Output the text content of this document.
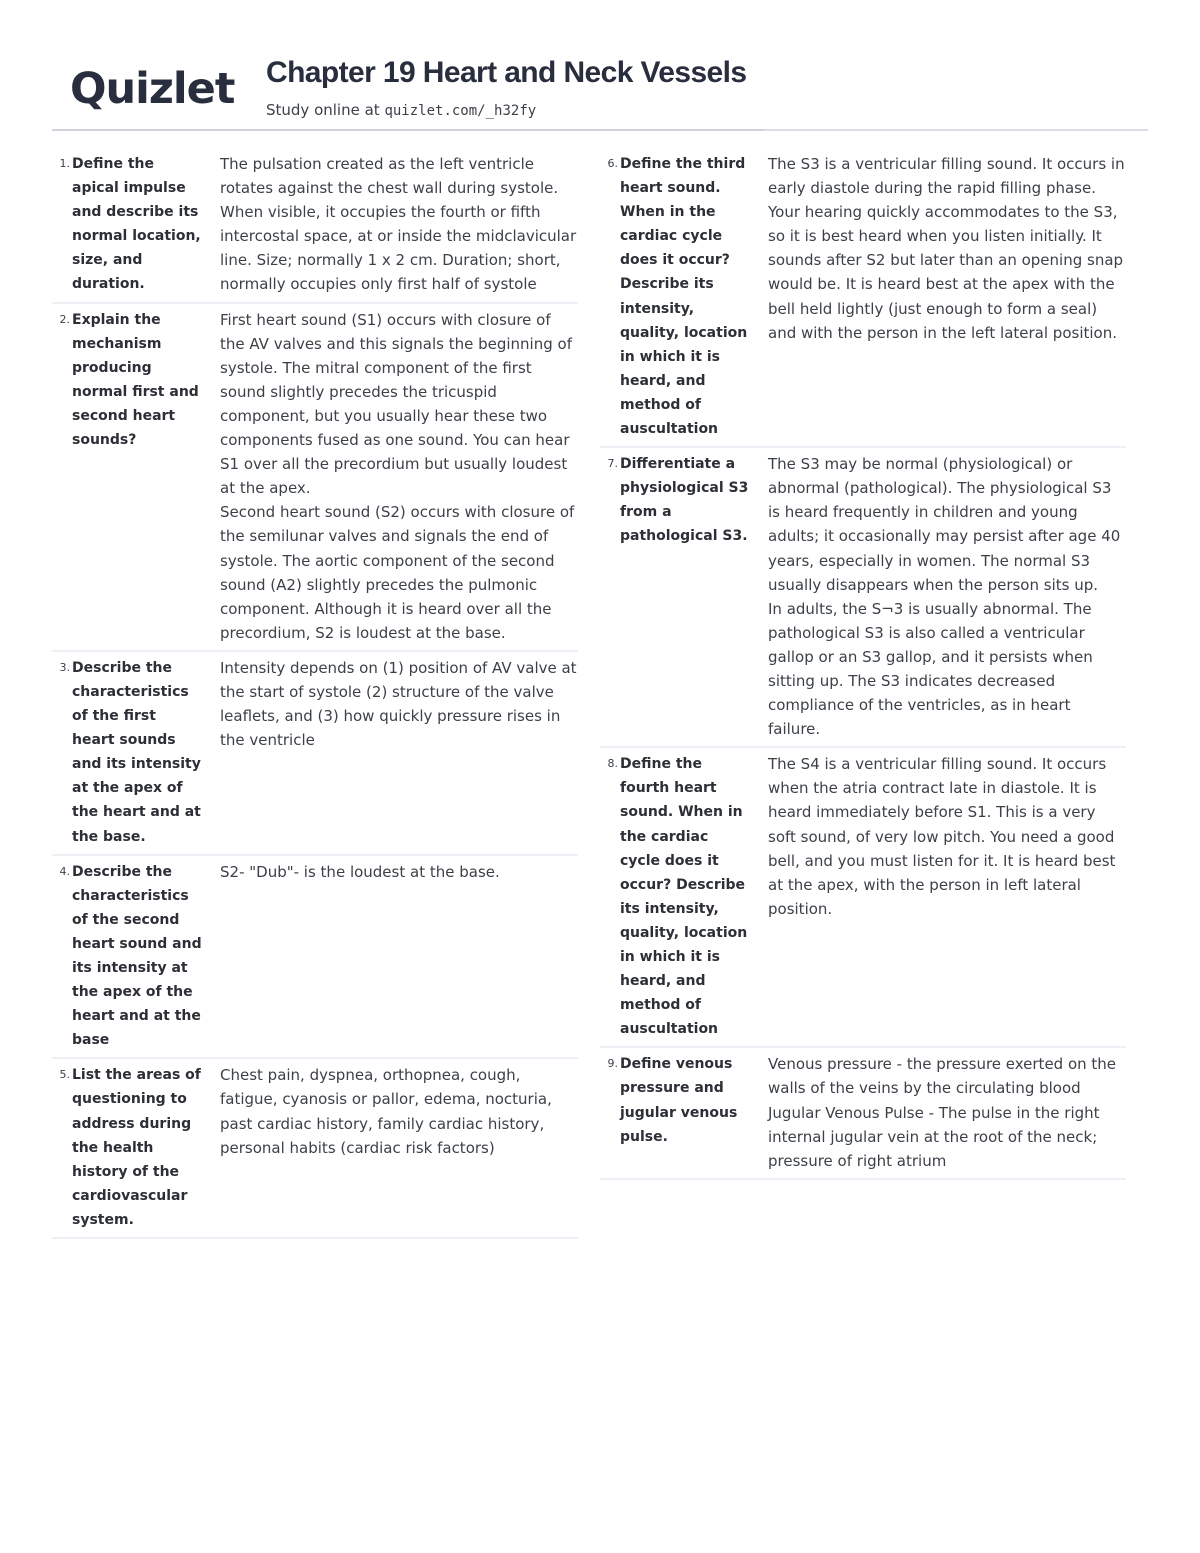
Quizlet Chapter 19 Heart and Neck Vessels
Study online at quizlet.com/_h32fy
1. Define the apical impulse and describe its normal location, size, and duration.
The pulsation created as the left ventricle rotates against the chest wall during systole. When visible, it occupies the fourth or fifth intercostal space, at or inside the midclavicular line. Size; normally 1 x 2 cm. Duration; short, normally occupies only first half of systole
2. Explain the mechanism producing normal first and second heart sounds?
First heart sound (S1) occurs with closure of the AV valves and this signals the beginning of systole. The mitral component of the first sound slightly precedes the tricuspid component, but you usually hear these two components fused as one sound. You can hear S1 over all the precordium but usually loudest at the apex.
Second heart sound (S2) occurs with closure of the semilunar valves and signals the end of systole. The aortic component of the second sound (A2) slightly precedes the pulmonic component. Although it is heard over all the precordium, S2 is loudest at the base.
3. Describe the characteristics of the first heart sounds and its intensity at the apex of the heart and at the base.
Intensity depends on (1) position of AV valve at the start of systole (2) structure of the valve leaflets, and (3) how quickly pressure rises in the ventricle
4. Describe the characteristics of the second heart sound and its intensity at the apex of the heart and at the base
S2- "Dub"- is the loudest at the base.
5. List the areas of questioning to address during the health history of the cardiovascular system.
Chest pain, dyspnea, orthopnea, cough, fatigue, cyanosis or pallor, edema, nocturia, past cardiac history, family cardiac history, personal habits (cardiac risk factors)
6. Define the third heart sound. When in the cardiac cycle does it occur? Describe its intensity, quality, location in which it is heard, and method of auscultation
The S3 is a ventricular filling sound. It occurs in early diastole during the rapid filling phase. Your hearing quickly accommodates to the S3, so it is best heard when you listen initially. It sounds after S2 but later than an opening snap would be. It is heard best at the apex with the bell held lightly (just enough to form a seal) and with the person in the left lateral position.
7. Differentiate a physiological S3 from a pathological S3.
The S3 may be normal (physiological) or abnormal (pathological). The physiological S3 is heard frequently in children and young adults; it occasionally may persist after age 40 years, especially in women. The normal S3 usually disappears when the person sits up.
In adults, the S¬3 is usually abnormal. The pathological S3 is also called a ventricular gallop or an S3 gallop, and it persists when sitting up. The S3 indicates decreased compliance of the ventricles, as in heart failure.
8. Define the fourth heart sound. When in the cardiac cycle does it occur? Describe its intensity, quality, location in which it is heard, and method of auscultation
The S4 is a ventricular filling sound. It occurs when the atria contract late in diastole. It is heard immediately before S1. This is a very soft sound, of very low pitch. You need a good bell, and you must listen for it. It is heard best at the apex, with the person in left lateral position.
9. Define venous pressure and jugular venous pulse.
Venous pressure - the pressure exerted on the walls of the veins by the circulating blood
Jugular Venous Pulse - The pulse in the right internal jugular vein at the root of the neck; pressure of right atrium
